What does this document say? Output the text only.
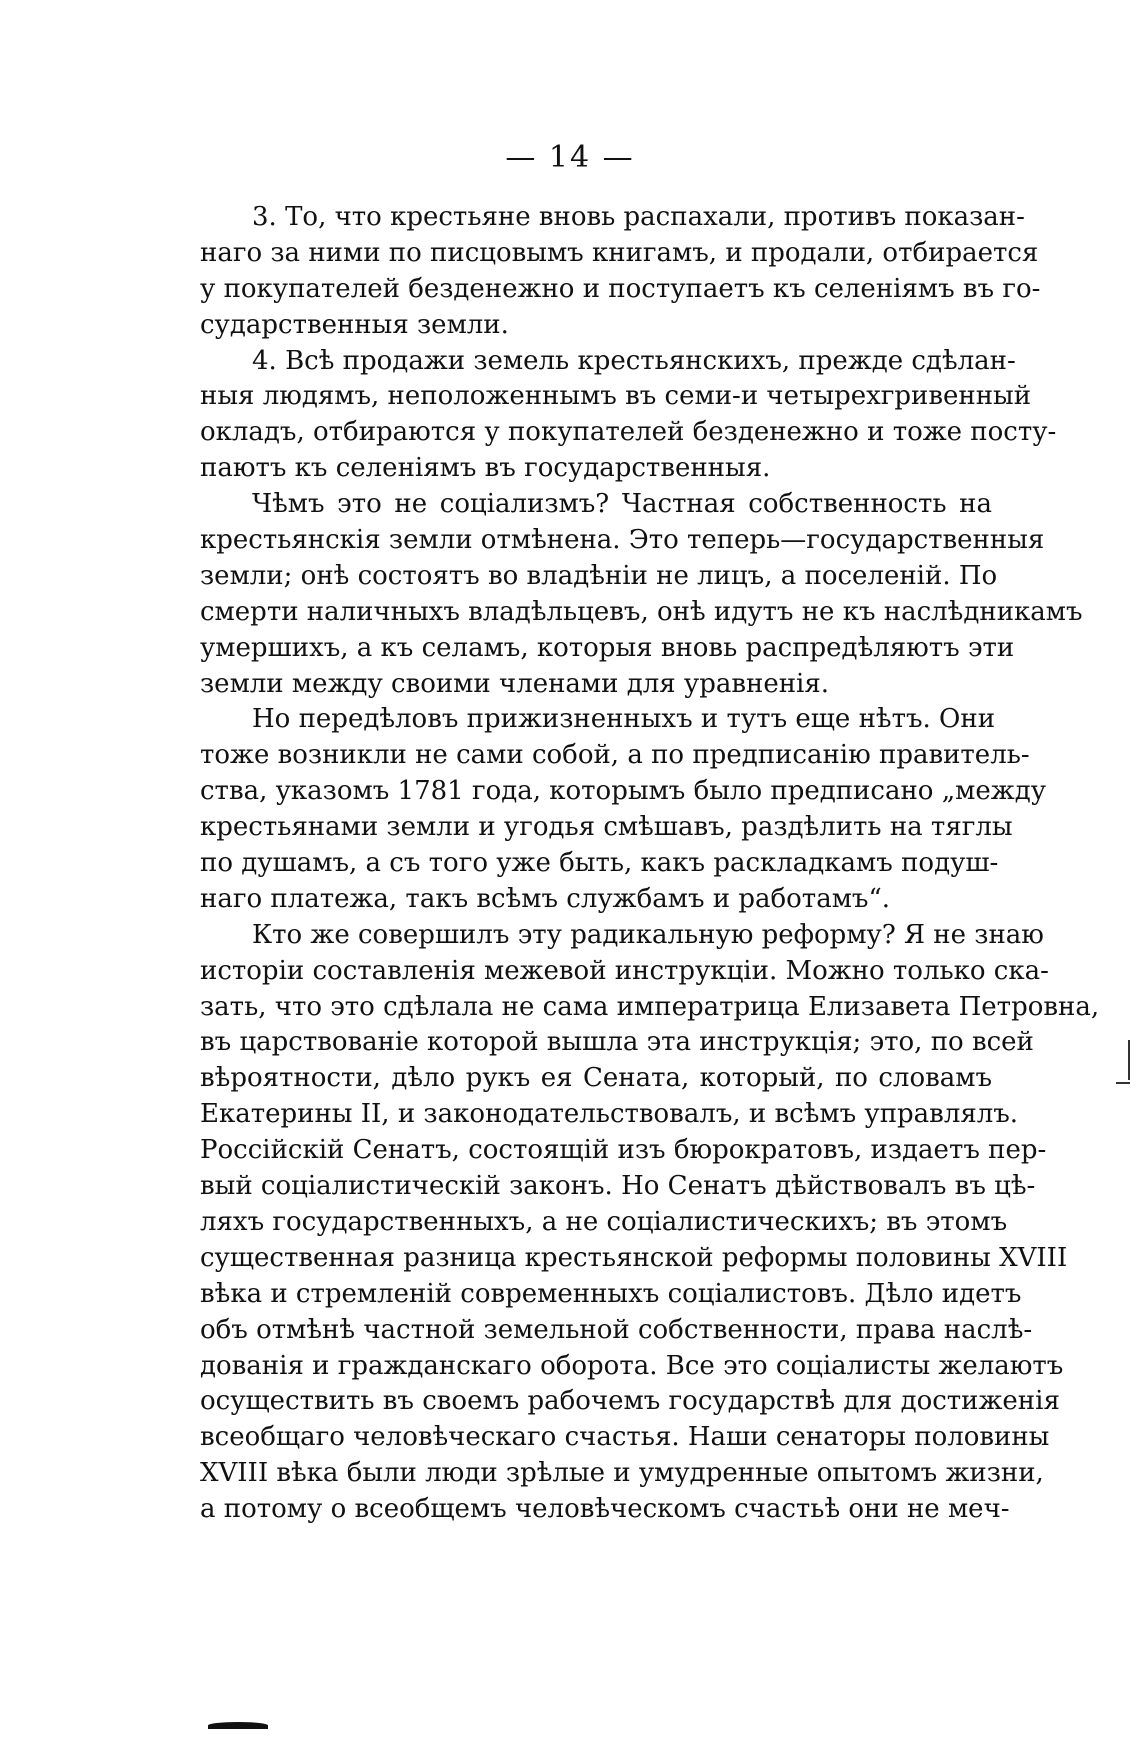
— 14 —
3. То, что крестьяне вновь распахали, противъ показан-
наго за ними по писцовымъ книгамъ, и продали, отбирается
у покупателей безденежно и поступаетъ къ селеніямъ въ го-
сударственныя земли.
4. Всѣ продажи земель крестьянскихъ, прежде сдѣлан-
ныя людямъ, неположеннымъ въ семи-и четырехгривенный
окладъ, отбираются у покупателей безденежно и тоже посту-
паютъ къ селеніямъ въ государственныя.
Чѣмъ это не соціализмъ? Частная собственность на
крестьянскія земли отмѣнена. Это теперь—государственныя
земли; онѣ состоятъ во владѣніи не лицъ, а поселеній. По
смерти наличныхъ владѣльцевъ, онѣ идутъ не къ наслѣдникамъ
умершихъ, а къ селамъ, которыя вновь распредѣляютъ эти
земли между своими членами для уравненія.
Но передѣловъ прижизненныхъ и тутъ еще нѣтъ. Они
тоже возникли не сами собой, а по предписанію правитель-
ства, указомъ 1781 года, которымъ было предписано „между
крестьянами земли и угодья смѣшавъ, раздѣлить на тяглы
по душамъ, а съ того уже быть, какъ раскладкамъ подуш-
наго платежа, такъ всѣмъ службамъ и работамъ“.
Кто же совершилъ эту радикальную реформу? Я не знаю
исторіи составленія межевой инструкціи. Можно только ска-
зать, что это сдѣлала не сама императрица Елизавета Петровна,
въ царствованіе которой вышла эта инструкція; это, по всей
вѣроятности, дѣло рукъ ея Сената, который, по словамъ
Екатерины II, и законодательствовалъ, и всѣмъ управлялъ.
Россійскій Сенатъ, состоящій изъ бюрократовъ, издаетъ пер-
вый соціалистическій законъ. Но Сенатъ дѣйствовалъ въ цѣ-
ляхъ государственныхъ, а не соціалистическихъ; въ этомъ
существенная разница крестьянской реформы половины XVIII
вѣка и стремленій современныхъ соціалистовъ. Дѣло идетъ
объ отмѣнѣ частной земельной собственности, права наслѣ-
дованія и гражданскаго оборота. Все это соціалисты желаютъ
осуществить въ своемъ рабочемъ государствѣ для достиженія
всеобщаго человѣческаго счастья. Наши сенаторы половины
XVIII вѣка были люди зрѣлые и умудренные опытомъ жизни,
а потому о всеобщемъ человѣческомъ счастьѣ они не меч-
